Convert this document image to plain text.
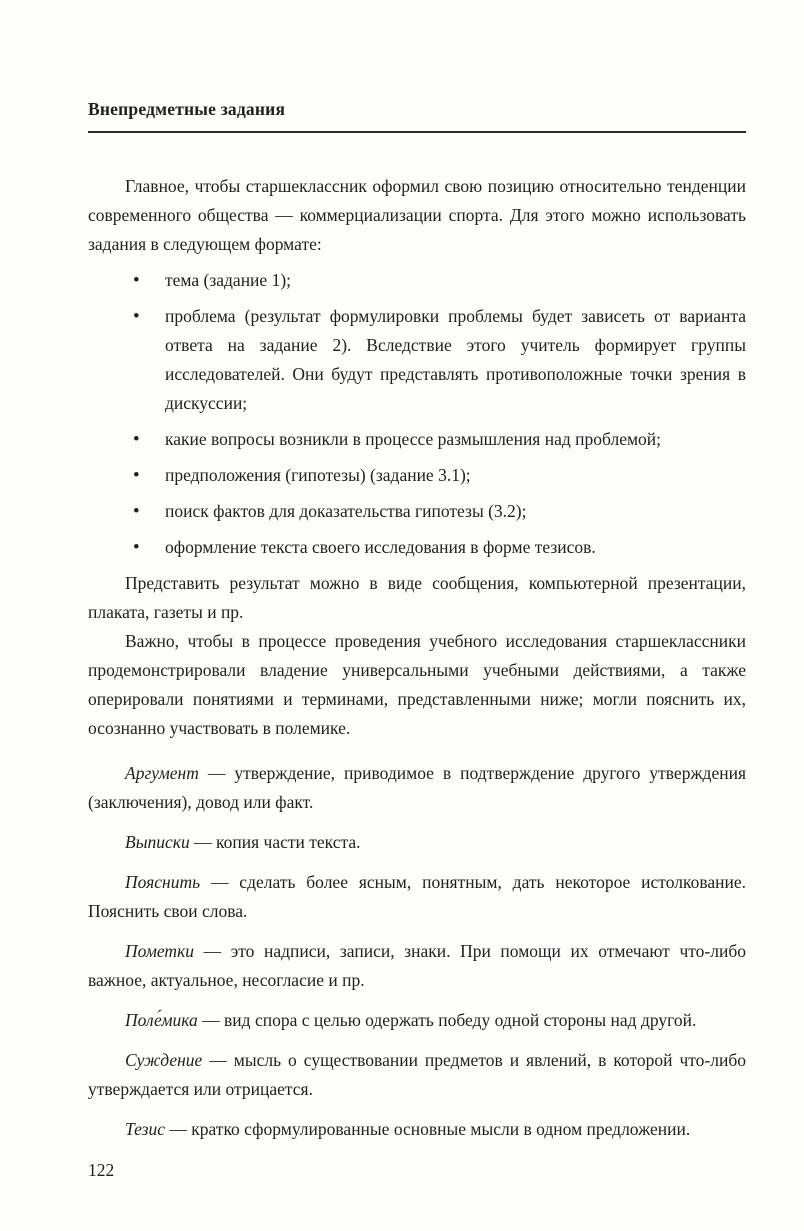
Внепредметные задания

Главное, чтобы старшеклассник оформил свою позицию относительно тенденции современного общества — коммерциализации спорта. Для этого можно использовать задания в следующем формате:

• тема (задание 1);
• проблема (результат формулировки проблемы будет зависеть от варианта ответа на задание 2). Вследствие этого учитель формирует группы исследователей. Они будут представлять противоположные точки зрения в дискуссии;
• какие вопросы возникли в процессе размышления над проблемой;
• предположения (гипотезы) (задание 3.1);
• поиск фактов для доказательства гипотезы (3.2);
• оформление текста своего исследования в форме тезисов.

Представить результат можно в виде сообщения, компьютерной презентации, плаката, газеты и пр.

Важно, чтобы в процессе проведения учебного исследования старшеклассники продемонстрировали владение универсальными учебными действиями, а также оперировали понятиями и терминами, представленными ниже; могли пояснить их, осознанно участвовать в полемике.

Аргумент — утверждение, приводимое в подтверждение другого утверждения (заключения), довод или факт.

Выписки — копия части текста.

Пояснить — сделать более ясным, понятным, дать некоторое истолкование. Пояснить свои слова.

Пометки — это надписи, записи, знаки. При помощи их отмечают что-либо важное, актуальное, несогласие и пр.

Поле́мика — вид спора с целью одержать победу одной стороны над другой.

Суждение — мысль о существовании предметов и явлений, в которой что-либо утверждается или отрицается.

Тезис — кратко сформулированные основные мысли в одном предложении.

122
